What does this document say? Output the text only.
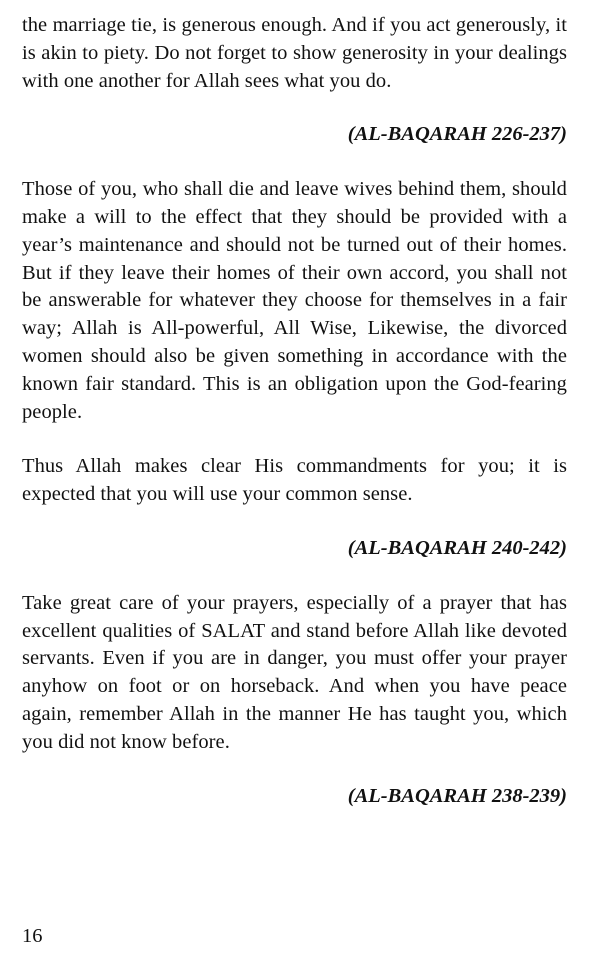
the marriage tie, is generous enough. And if you act generously, it is akin to piety. Do not forget to show generosity in your dealings with one another for Allah sees what you do.

(AL-BAQARAH 226-237)

Those of you, who shall die and leave wives behind them, should make a will to the effect that they should be provided with a year’s maintenance and should not be turned out of their homes. But if they leave their homes of their own accord, you shall not be answerable for whatever they choose for themselves in a fair way; Allah is All-powerful, All Wise, Likewise, the divorced women should also be given something in accordance with the known fair standard. This is an obligation upon the God-fearing people.

Thus Allah makes clear His commandments for you; it is expected that you will use your common sense.

(AL-BAQARAH 240-242)

Take great care of your prayers, especially of a prayer that has excellent qualities of SALAT and stand before Allah like devoted servants. Even if you are in danger, you must offer your prayer anyhow on foot or on horseback. And when you have peace again, remember Allah in the manner He has taught you, which you did not know before.

(AL-BAQARAH 238-239)

16
